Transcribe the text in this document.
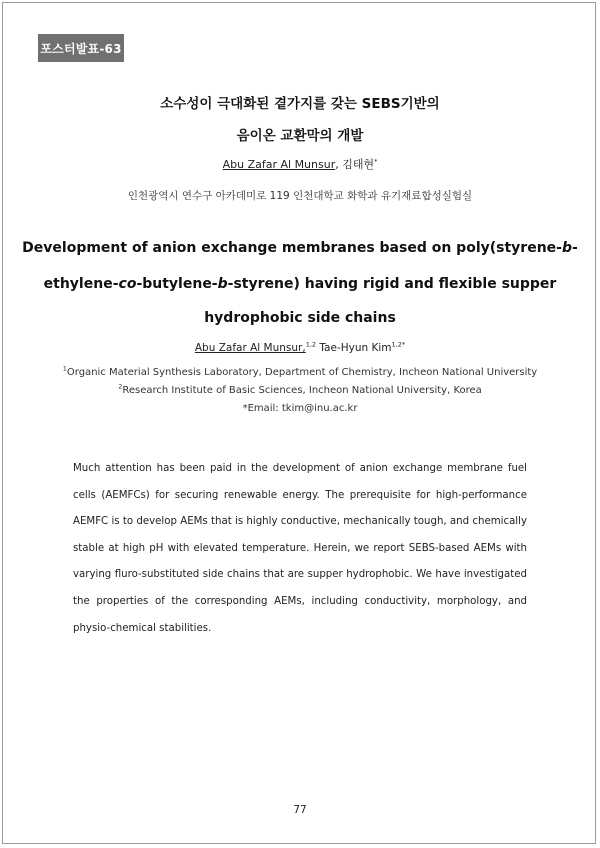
포스터발표-63
소수성이 극대화된 곁가지를 갖는 SEBS기반의
음이온 교환막의 개발
Abu Zafar Al Munsur, 김태현*
인천광역시 연수구 아카데미로 119 인천대학교 화학과 유기재료합성실험실
Development of anion exchange membranes based on poly(styrene-b-
ethylene-co-butylene-b-styrene) having rigid and flexible supper
hydrophobic side chains
Abu Zafar Al Munsur,$^{1,2}$ Tae-Hyun Kim$^{1,2*}$
$^1$Organic Material Synthesis Laboratory, Department of Chemistry, Incheon National University
$^2$Research Institute of Basic Sciences, Incheon National University, Korea
*Email: tkim@inu.ac.kr
Much attention has been paid in the development of anion exchange membrane fuel cells (AEMFCs) for securing renewable energy. The prerequisite for high-performance AEMFC is to develop AEMs that is highly conductive, mechanically tough, and chemically stable at high pH with elevated temperature. Herein, we report SEBS-based AEMs with varying fluro-substituted side chains that are supper hydrophobic. We have investigated the properties of the corresponding AEMs, including conductivity, morphology, and physio-chemical stabilities.
77
